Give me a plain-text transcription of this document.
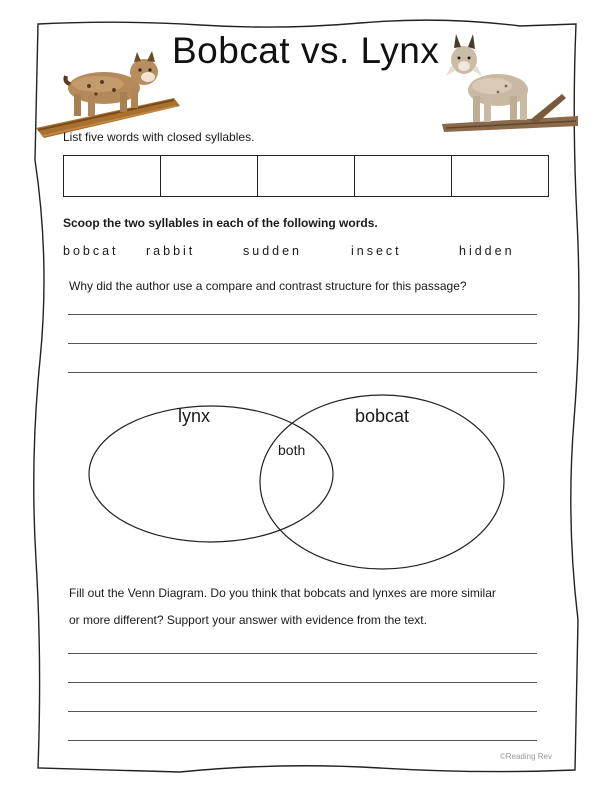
Bobcat vs. Lynx
List five words with closed syllables.
Scoop the two syllables in each of the following words.
bobcat rabbit	sudden	insect	hidden
Why did the author use a compare and contrast structure for this passage?
lynx	bobcat
both
Fill out the Venn Diagram. Do you think that bobcats and lynxes are more similar
or more different? Support your answer with evidence from the text.
©Reading Rev
